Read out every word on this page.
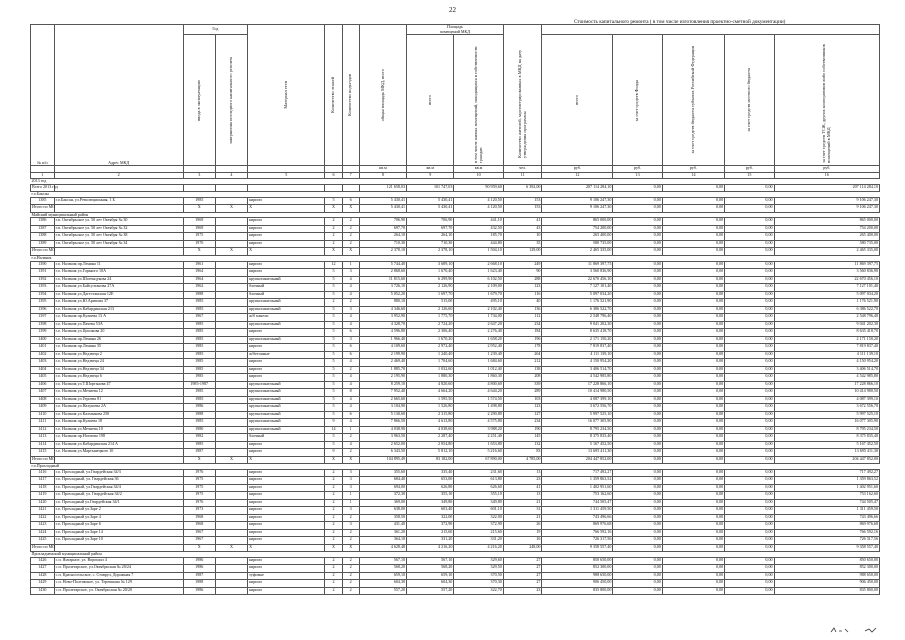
22
Стоимость капитального ремонта ( в том числе изготовления проектно-сметной документации)
№ п/п	Адрес МКД	Год		Материал стен	Количество этажей	Количество подъездов	общая площадь МКД, всего	Площадь
помещений МКД		Количество жителей, зарегистрированных в МКД на дату утверждения программы					

		ввода в эксплуатацию	завершения последнего капитального ремонта					всего	в том числе жилых помещений, находящихся в собственности граждан		всего	за счет средств Фонда	за счет средств бюджета субъекта Российской Федерации	за счет средств местного бюджета	за счет средств ТСЖ, других кооперативов либо собственников помещений в МКД

							кв.м	кв.м	кв.м	чел.	руб.	руб.	руб.	руб.	руб.
1	2	3	4	5	6	7	8	9	10	11	12	13	14	15	16
2013 год															
Всего 2013 год							121 658,03	101 747,03	90 959,60	6 392,00	207 114 284,10	0,00	0,00	0,00	207 114 284,10
г.о.Баксан															
1385	г.о.Баксан, ул.Революционная, 1 Б	1985		кирпич	5	6	5 430,41	5 430,41	4 120,50	153	9 106 247,30	0,00	0,00	0,00	9 106 247,30
Итого по МО		X	X	X	X	X	5 430,41	5 430,41	4 120,50	153	9 106 247,30	0,00	0,00	0,00	9 106 247,30
Майский муниципальный район															
1386	г.п. Октябрьское ул. 50 лет Октября № 30	1969		кирпич	2	2	706,90	706,90	441,10	41	865 000,00	0,00	0,00	0,00	865 000,00
1387	г.п. Октябрьское ул. 50 лет Октября № 32	1969		кирпич	2	2	697,70	697,70	432,50	43	754 200,00	0,00	0,00	0,00	754 200,00
1388	г.п. Октябрьское ул. 50 лет Октября № 38	1975		кирпич	2	2	264,10	264,10	185,70	10	265 400,00	0,00	0,00	0,00	265 400,00
1389	г.п. Октябрьское ул. 50 лет Октября № 34	1970		кирпич	2	2	710,30	710,30	444,80	35	580 735,00	0,00	0,00	0,00	580 735,00
Итого по МО		X	X	X	X	X	2 378,10	2 378,10	1 504,10	129,00	2 465 335,00	0,00	0,00	0,00	2 465 335,00
г.о.Нальчик															
1390	г.о. Нальчик пр.Ленина 11	1961		кирпич	12	1	5 744,40	3 689,10	2 668,10	249	11 869 397,75	0,00	0,00	0,00	11 869 397,75
1391	г.о. Нальчик ул.Горького 10А	1964		кирпич	5	3	2 868,60	1 670,40	1 623,40	90	3 560 836,90	0,00	0,00	0,00	3 560 836,90
1392	г.о. Нальчик ул.Шогенцукова 24	1964		крупнопанельный	5	4	11 815,60	6 299,90	6 102,50	288	22 670 456,10	0,00	0,00	0,00	22 670 456,10
1393	г.о. Нальчик ул.Байсултанова 27А	1962		блочный	5	4	3 726,10	2 126,90	2 109,00	123	7 127 101,40	0,00	0,00	0,00	7 127 101,40
1394	г.о. Нальчик ул.Дагестанская 12Е	1988		блочный	5	4	5 052,20	1 697,70	1 679,70	116	5 097 034,20	0,00	0,00	0,00	5 097 034,20
1395	г.о. Нальчик ул.Ю.Арипова 37	1985		крупнопанельный	2	2	880,10	515,00	495,10	40	1 176 521,90	0,00	0,00	0,00	1 176 521,90
1396	г.о. Нальчик ул.Кабардинская 213	1985		крупнопанельный	5	3	4 346,60	2 126,60	2 102,40	136	6 386 522,70	0,00	0,00	0,00	6 386 522,70
1397	г.о. Нальчик пр.Кулиева 13 А	1967		ж/б панели	5	4	3 952,90	1 775,70	1 734,00	112	2 548 796,40	0,00	0,00	0,00	2 548 796,40
1398	г.о. Нальчик ул.Пачева 53А	1985		крупнопанельный	5	4	4 328,70	2 724,20	2 647,20	234	9 041 202,30	0,00	0,00	0,00	9 041 202,30
1399	г.о. Нальчик ул.Циолкова 20	1985		кирпич	5	6	4 596,80	2 306,40	2 276,40	184	8 635 418,70	0,00	0,00	0,00	8 635 418,70
1400	г.о. Нальчик пр.Ленина 26	1985		крупнопанельный	5	3	1 966,40	1 670,20	1 658,20	196	2 171 150,20	0,00	0,00	0,00	2 171 150,20
1401	г.о. Нальчик пр.Ленина 35	1985		кирпич	5	6	4 109,60	2 972,40	2 952,40	178	7 819 837,40	0,00	0,00	0,00	7 819 837,40
1402	г.о. Нальчик ул.Недзвеца 2	1985		ж/бетонные	5	6	2 199,90	1 240,40	1 239,40	264	4 111 139,10	0,00	0,00	0,00	4 111 139,10
1403	г.о. Нальчик ул.Недзвеца 24	1985		кирпич	5	4	2 469,40	1 704,60	1 684,60	212	4 150 954,20	0,00	0,00	0,00	4 150 954,20
1404	г.о. Нальчик ул.Недзвеца 34	1985		кирпич	5	2	1 885,70	1 032,60	1 012,40	138	3 406 514,70	0,00	0,00	0,00	3 406 514,70
1405	г.о. Нальчик ул.Недзвеца 6	1985		кирпич	5	4	2 195,90	1 880,30	1 860,30	208	4 542 985,80	0,00	0,00	0,00	4 542 985,80
1406	г.о. Нальчик ул.Т.Шортанова 47	1985-1987		крупнопанельный	5	4	8 259,10	4 820,60	4 800,60	339	17 228 866,10	0,00	0,00	0,00	17 228 866,10
1407	г.о. Нальчик ул.Мечиева 12	1985		крупнопанельный	5	8	7 952,40	4 664,20	4 644,20	289	10 414 980,50	0,00	0,00	0,00	10 414 980,50
1408	г.о. Нальчик ул.Героева 81	1985		крупнопанельный	5	4	2 665,60	1 595,50	1 574,50	103	4 087 399,10	0,00	0,00	0,00	4 087 399,10
1409	г.о. Нальчик ул.Нахушева 2А	1986		крупнопанельный	5	4	3 104,90	1 526,80	1 498,80	123	3 672 556,70	0,00	0,00	0,00	3 672 556,70
1410	г.о. Нальчик ул.Калмыкова 250	1988		крупнопанельный	5	6	5 130,60	2 315,80	2 290,80	127	5 997 525,10	0,00	0,00	0,00	5 997 525,10
1411	г.о. Нальчик пр.Кулиева 18	1985		крупнопанельный	9	4	7 866,50	4 613,80	4 575,80	234	16 077 305,90	0,00	0,00	0,00	16 077 305,90
1412	г.о. Нальчик ул.Мечиева 10	1980		крупнопанельный	14	1	4 038,90	4 038,60	3 988,20	190	8 795 234,50	0,00	0,00	0,00	8 795 234,50
1413	г.о. Нальчик пр.Ногмова 198	1982		блочный	5	2	3 963,50	2 287,40	2 251,40	145	8 375 835,40	0,00	0,00	0,00	8 375 835,40
1414	г.о. Нальчик ул.Кабардинская 214 А	1985		кирпич	5	4	2 652,00	2 054,80	1 653,80	132	5 167 452,50	0,00	0,00	0,00	5 167 452,50
1415	г.о. Нальчик ул.Мартынецкого 10	1987		кирпич	9	2	6 343,50	5 812,10	5 216,60	83	13 695 411,30	0,00	0,00	0,00	13 695 411,30
Итого по МО		X	X	X	X	X	104 895,49	83 182,00	67 890,00	4 785,00	204 447 852,00	0,00	0,00	0,00	204 447 852,00
г.о.Прохладный															
1416	г.о. Прохладный, ул.Гвардейская 34/3	1976		кирпич	2	3	355,60	335,40	231,60	13	717 492,27	0,00	0,00	0,00	717 492,27
1417	г.о. Прохладный, ул. Гвардейская 36	1975		кирпич	2	3	684,40	653,00	613,80	23	1 359 863,52	0,00	0,00	0,00	1 359 863,52
1418	г.о. Прохладный, ул.Гвардейская 34/4	1975		кирпич	2	3	694,00	626,80	626,60	41	1 402 951,60	0,00	0,00	0,00	1 402 951,60
1419	г.о. Прохладный, ул. Гвардейская 34/2	1975		кирпич	2	1	372,30	355,10	355,10	13	753 162,60	0,00	0,00	0,00	753 162,60
1420	г.о. Прохладный ул.Гвардейская 34/1	1976		кирпич	2	1	369,00	349,80	349,80	21	744 505,47	0,00	0,00	0,00	744 505,47
1421	г.о. Прохладный ул.Заре 2	1973		кирпич	2	3	638,00	603,40	601,10	31	1 311 459,50	0,00	0,00	0,00	1 311 459,50
1422	г.о. Прохладный ул.Заре 4	1968		кирпич	2	2	358,50	322,00	322,00	21	743 496,66	0,00	0,00	0,00	743 496,66
1423	г.о. Прохладный ул.Заре 6	1968		кирпич	2	3	431,40	372,90	372,90	26	869 976,68	0,00	0,00	0,00	869 976,68
1424	г.о. Прохладный ул.Заре 14	1967		кирпич	2	2	361,20	215,60	215,60	19	766 592,16	0,00	0,00	0,00	766 592,16
1425	г.о. Прохладный ул.Заре 10	1967		кирпич	2	2	364,10	331,20	331,20	16	726 317,56	0,00	0,00	0,00	726 317,56
Итого по МО		X	X	X	X	X	4 628,48	4 216,20	4 216,20	248,00	9 358 557,40	0,00	0,00	0,00	9 358 557,40
Прохладненский муниципальный район															
1426	с.п. Янтарное, ул. Ворошил 4	1986		кирпич	2	2	567,10	567,10	329,60	27	850 650,00	0,00	0,00	0,00	850 650,00
1427	с.п. Пролетарское, ул.Октябрьская № 20/24	1986		кирпич	2	2	568,20	568,20	329,50	27	852 300,00	0,00	0,00	0,00	852 300,00
1428	с.п. Красносельское, с. Ставрул, Дорожная 7	1987		туфовые	2	2	659,10	659,10	370,50	27	988 650,00	0,00	0,00	0,00	988 650,00
1429	с.п. Ново-Полтавское, ул. Терешкова № 129	1988		кирпич	2	2	604,30	604,30	370,30	27	906 450,00	0,00	0,00	0,00	906 450,00
1430	с.п. Пролетарское, ул. Октябрьская № 20/20	1986		кирпич	2	2	557,20	557,20	322,70	23	835 800,00	0,00	0,00	0,00	835 800,00
